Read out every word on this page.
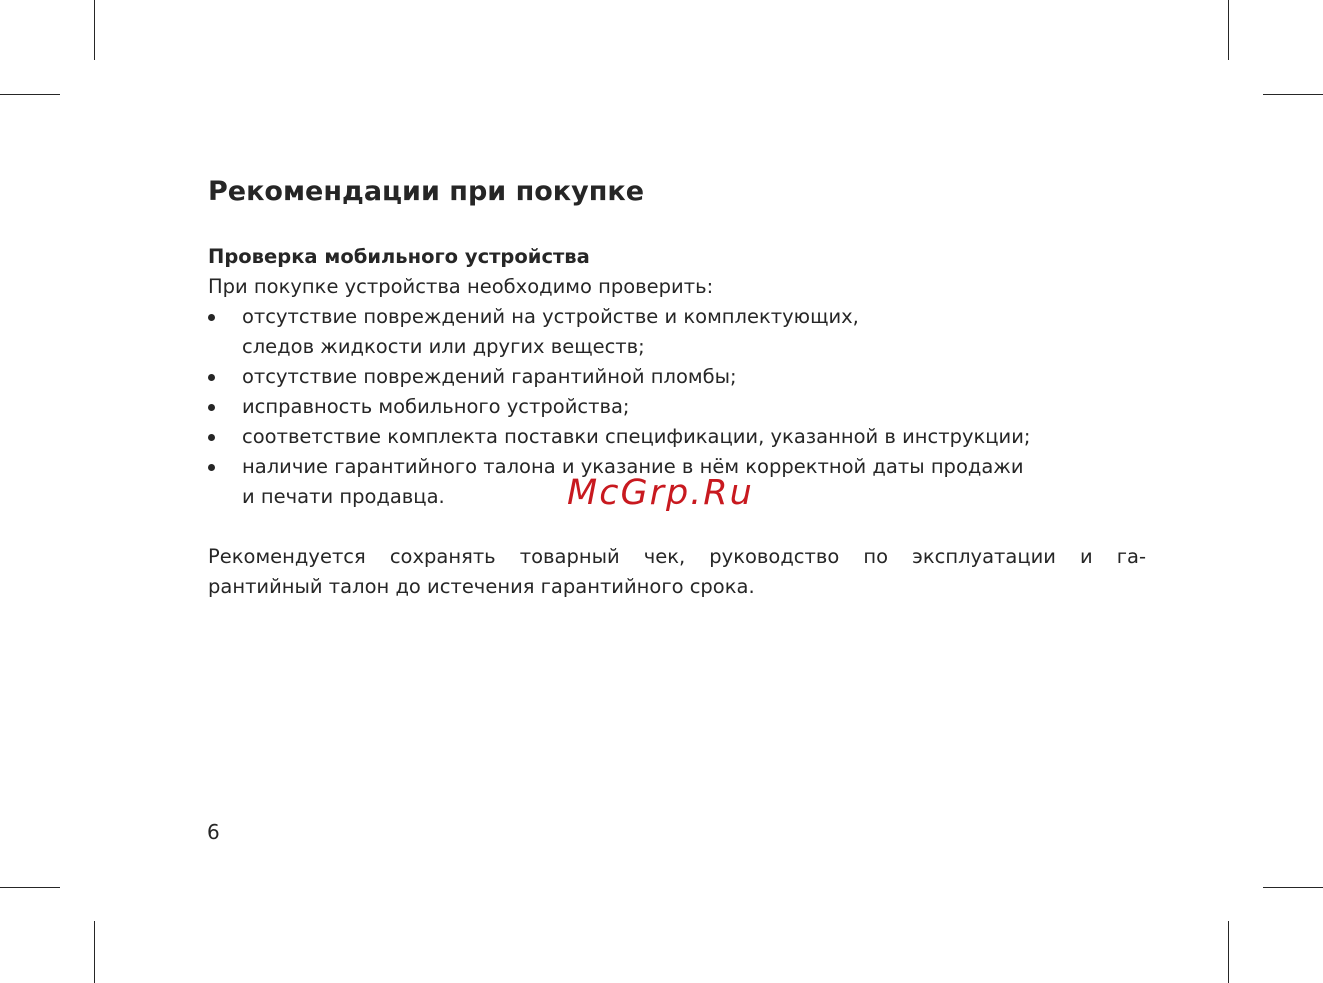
Рекомендации при покупке
Проверка мобильного устройства

При покупке устройства необходимо проверить:

отсутствие повреждений на устройстве и комплектующих,
следов жидкости или других веществ;
отсутствие повреждений гарантийной пломбы;
исправность мобильного устройства;
соответствие комплекта поставки спецификации, указанной в инструкции;
наличие гарантийного талона и указание в нём корректной даты продажи
и печати продавца.

Рекомендуется сохранять товарный чек, руководство по эксплуатации и га-
рантийный талон до истечения гарантийного срока.

McGrp.Ru
6
